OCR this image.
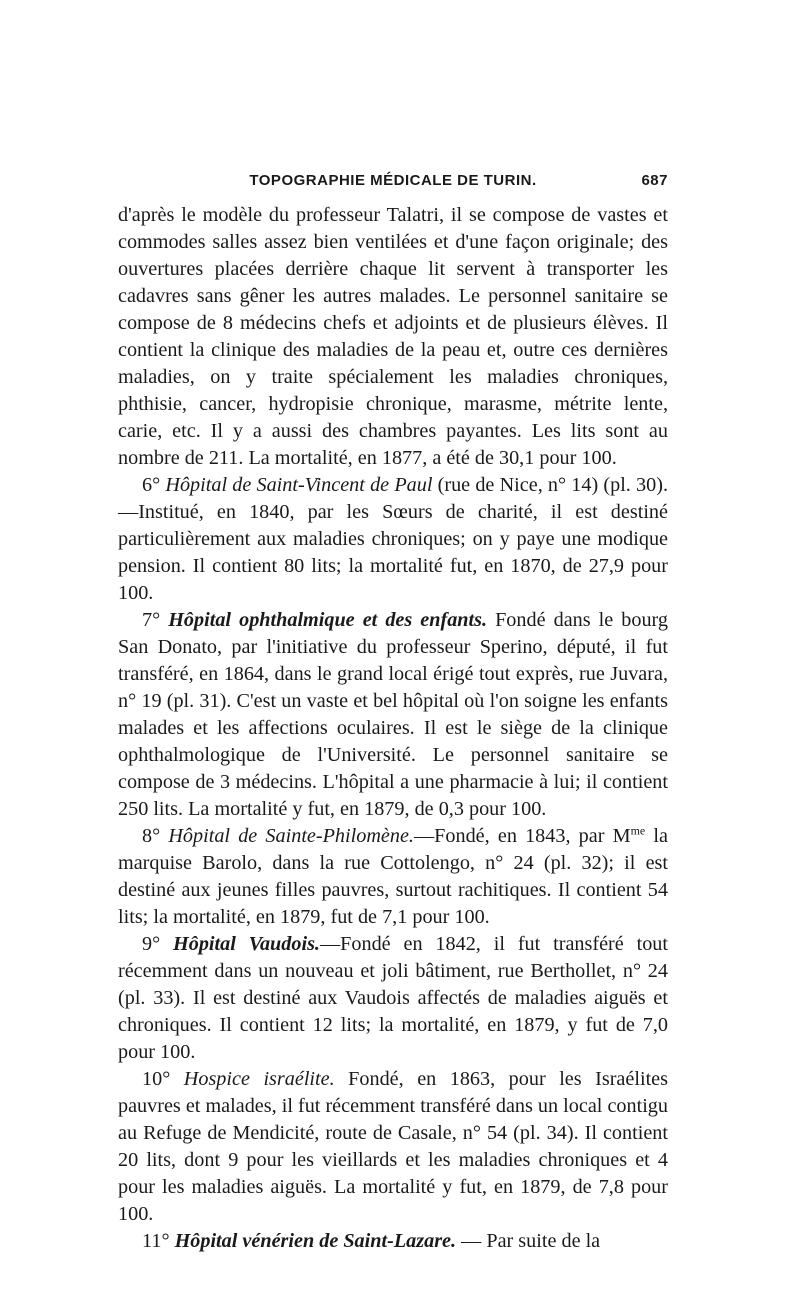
TOPOGRAPHIE MÉDICALE DE TURIN.	687

d'après le modèle du professeur Talatri, il se compose de vastes et commodes salles assez bien ventilées et d'une façon originale; des ouvertures placées derrière chaque lit servent à transporter les cadavres sans gêner les autres malades. Le personnel sanitaire se compose de 8 médecins chefs et adjoints et de plusieurs élèves. Il contient la clinique des maladies de la peau et, outre ces dernières maladies, on y traite spécialement les maladies chroniques, phthisie, cancer, hydropisie chronique, marasme, métrite lente, carie, etc. Il y a aussi des chambres payantes. Les lits sont au nombre de 211. La mortalité, en 1877, a été de 30,1 pour 100.

6° Hôpital de Saint-Vincent de Paul (rue de Nice, n° 14) (pl. 30). —Institué, en 1840, par les Sœurs de charité, il est destiné particulièrement aux maladies chroniques; on y paye une modique pension. Il contient 80 lits; la mortalité fut, en 1870, de 27,9 pour 100.

7° Hôpital ophthalmique et des enfants. Fondé dans le bourg San Donato, par l'initiative du professeur Sperino, député, il fut transféré, en 1864, dans le grand local érigé tout exprès, rue Juvara, n° 19 (pl. 31). C'est un vaste et bel hôpital où l'on soigne les enfants malades et les affections oculaires. Il est le siège de la clinique ophthalmologique de l'Université. Le personnel sanitaire se compose de 3 médecins. L'hôpital a une pharmacie à lui; il contient 250 lits. La mortalité y fut, en 1879, de 0,3 pour 100.

8° Hôpital de Sainte-Philomène.—Fondé, en 1843, par $M^{me}$ la marquise Barolo, dans la rue Cottolengo, n° 24 (pl. 32); il est destiné aux jeunes filles pauvres, surtout rachitiques. Il contient 54 lits; la mortalité, en 1879, fut de 7,1 pour 100.

9° Hôpital Vaudois.—Fondé en 1842, il fut transféré tout récemment dans un nouveau et joli bâtiment, rue Berthollet, n° 24 (pl. 33). Il est destiné aux Vaudois affectés de maladies aiguës et chroniques. Il contient 12 lits; la mortalité, en 1879, y fut de 7,0 pour 100.

10° Hospice israélite. Fondé, en 1863, pour les Israélites pauvres et malades, il fut récemment transféré dans un local contigu au Refuge de Mendicité, route de Casale, n° 54 (pl. 34). Il contient 20 lits, dont 9 pour les vieillards et les maladies chroniques et 4 pour les maladies aiguës. La mortalité y fut, en 1879, de 7,8 pour 100.

11° Hôpital vénérien de Saint-Lazare. — Par suite de la
